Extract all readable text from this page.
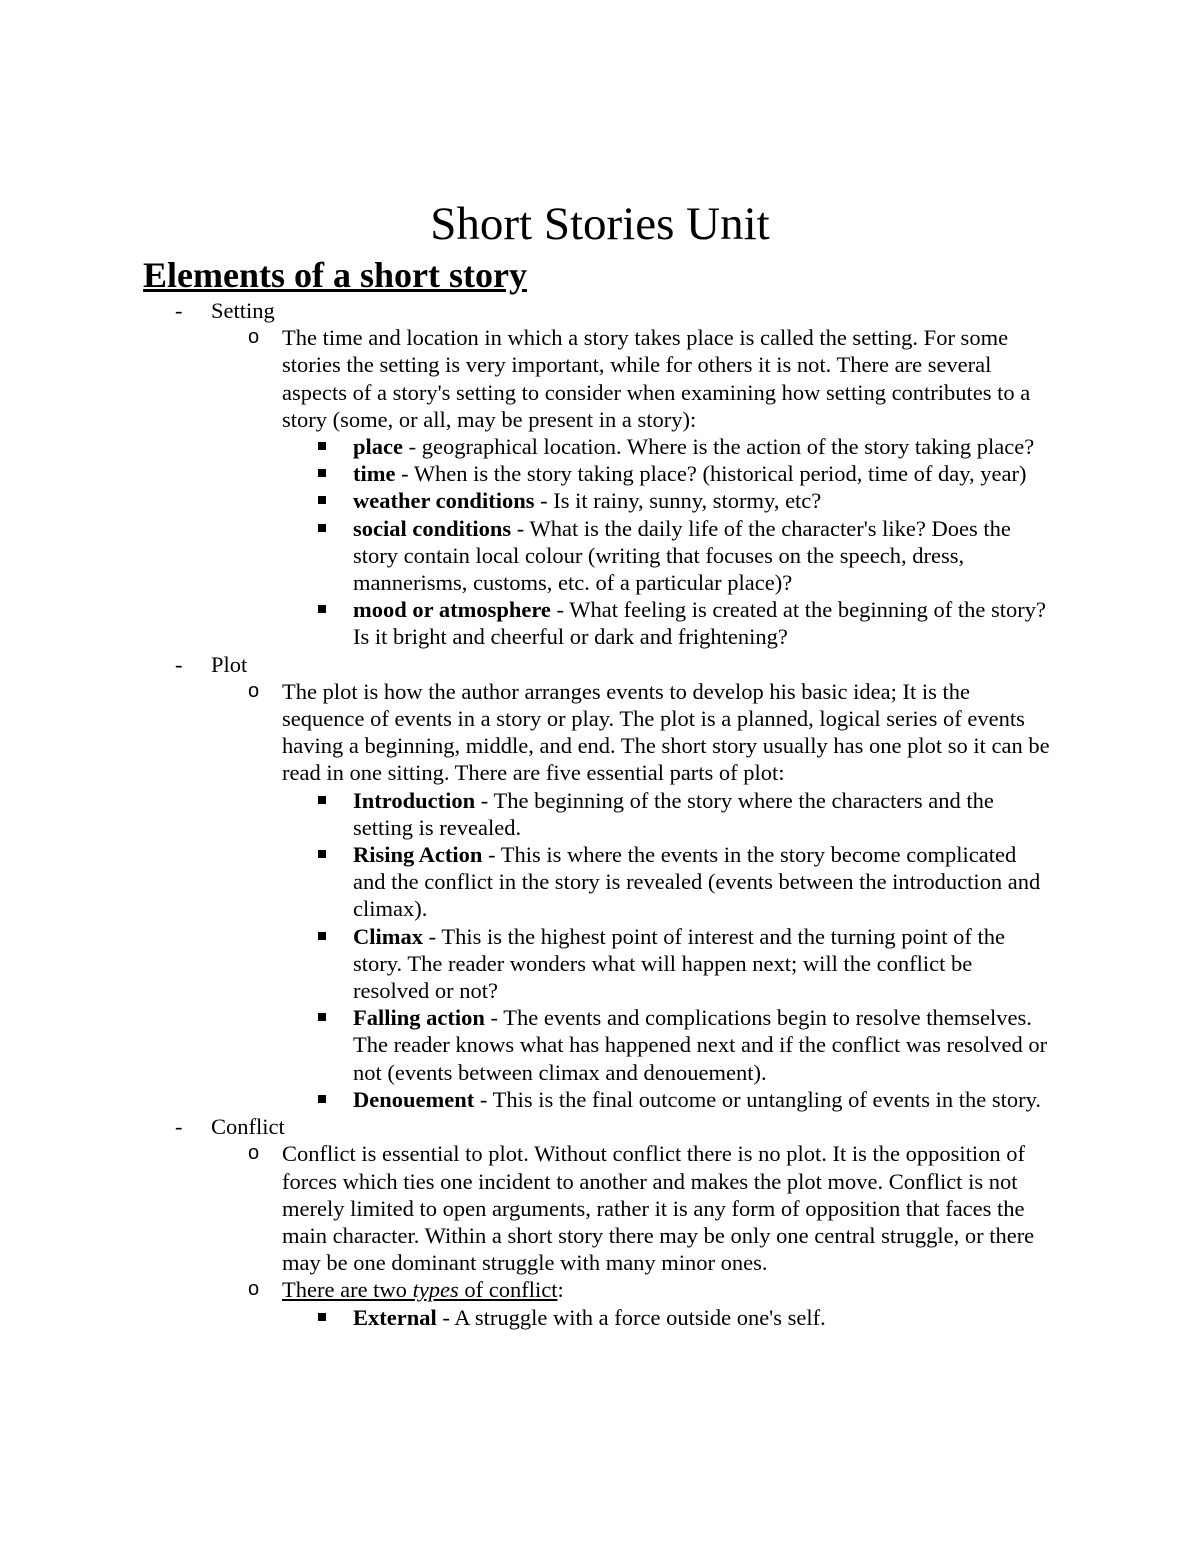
Short Stories Unit
Elements of a short story
- Setting
o The time and location in which a story takes place is called the setting. For some stories the setting is very important, while for others it is not. There are several aspects of a story's setting to consider when examining how setting contributes to a story (some, or all, may be present in a story):
place - geographical location. Where is the action of the story taking place?
time - When is the story taking place? (historical period, time of day, year)
weather conditions - Is it rainy, sunny, stormy, etc?
social conditions - What is the daily life of the character's like? Does the story contain local colour (writing that focuses on the speech, dress, mannerisms, customs, etc. of a particular place)?
mood or atmosphere - What feeling is created at the beginning of the story? Is it bright and cheerful or dark and frightening?
- Plot
o The plot is how the author arranges events to develop his basic idea; It is the sequence of events in a story or play. The plot is a planned, logical series of events having a beginning, middle, and end. The short story usually has one plot so it can be read in one sitting. There are five essential parts of plot:
Introduction - The beginning of the story where the characters and the setting is revealed.
Rising Action - This is where the events in the story become complicated and the conflict in the story is revealed (events between the introduction and climax).
Climax - This is the highest point of interest and the turning point of the story. The reader wonders what will happen next; will the conflict be resolved or not?
Falling action - The events and complications begin to resolve themselves. The reader knows what has happened next and if the conflict was resolved or not (events between climax and denouement).
Denouement - This is the final outcome or untangling of events in the story.
- Conflict
o Conflict is essential to plot. Without conflict there is no plot. It is the opposition of forces which ties one incident to another and makes the plot move. Conflict is not merely limited to open arguments, rather it is any form of opposition that faces the main character. Within a short story there may be only one central struggle, or there may be one dominant struggle with many minor ones.
o There are two types of conflict:
External - A struggle with a force outside one's self.
